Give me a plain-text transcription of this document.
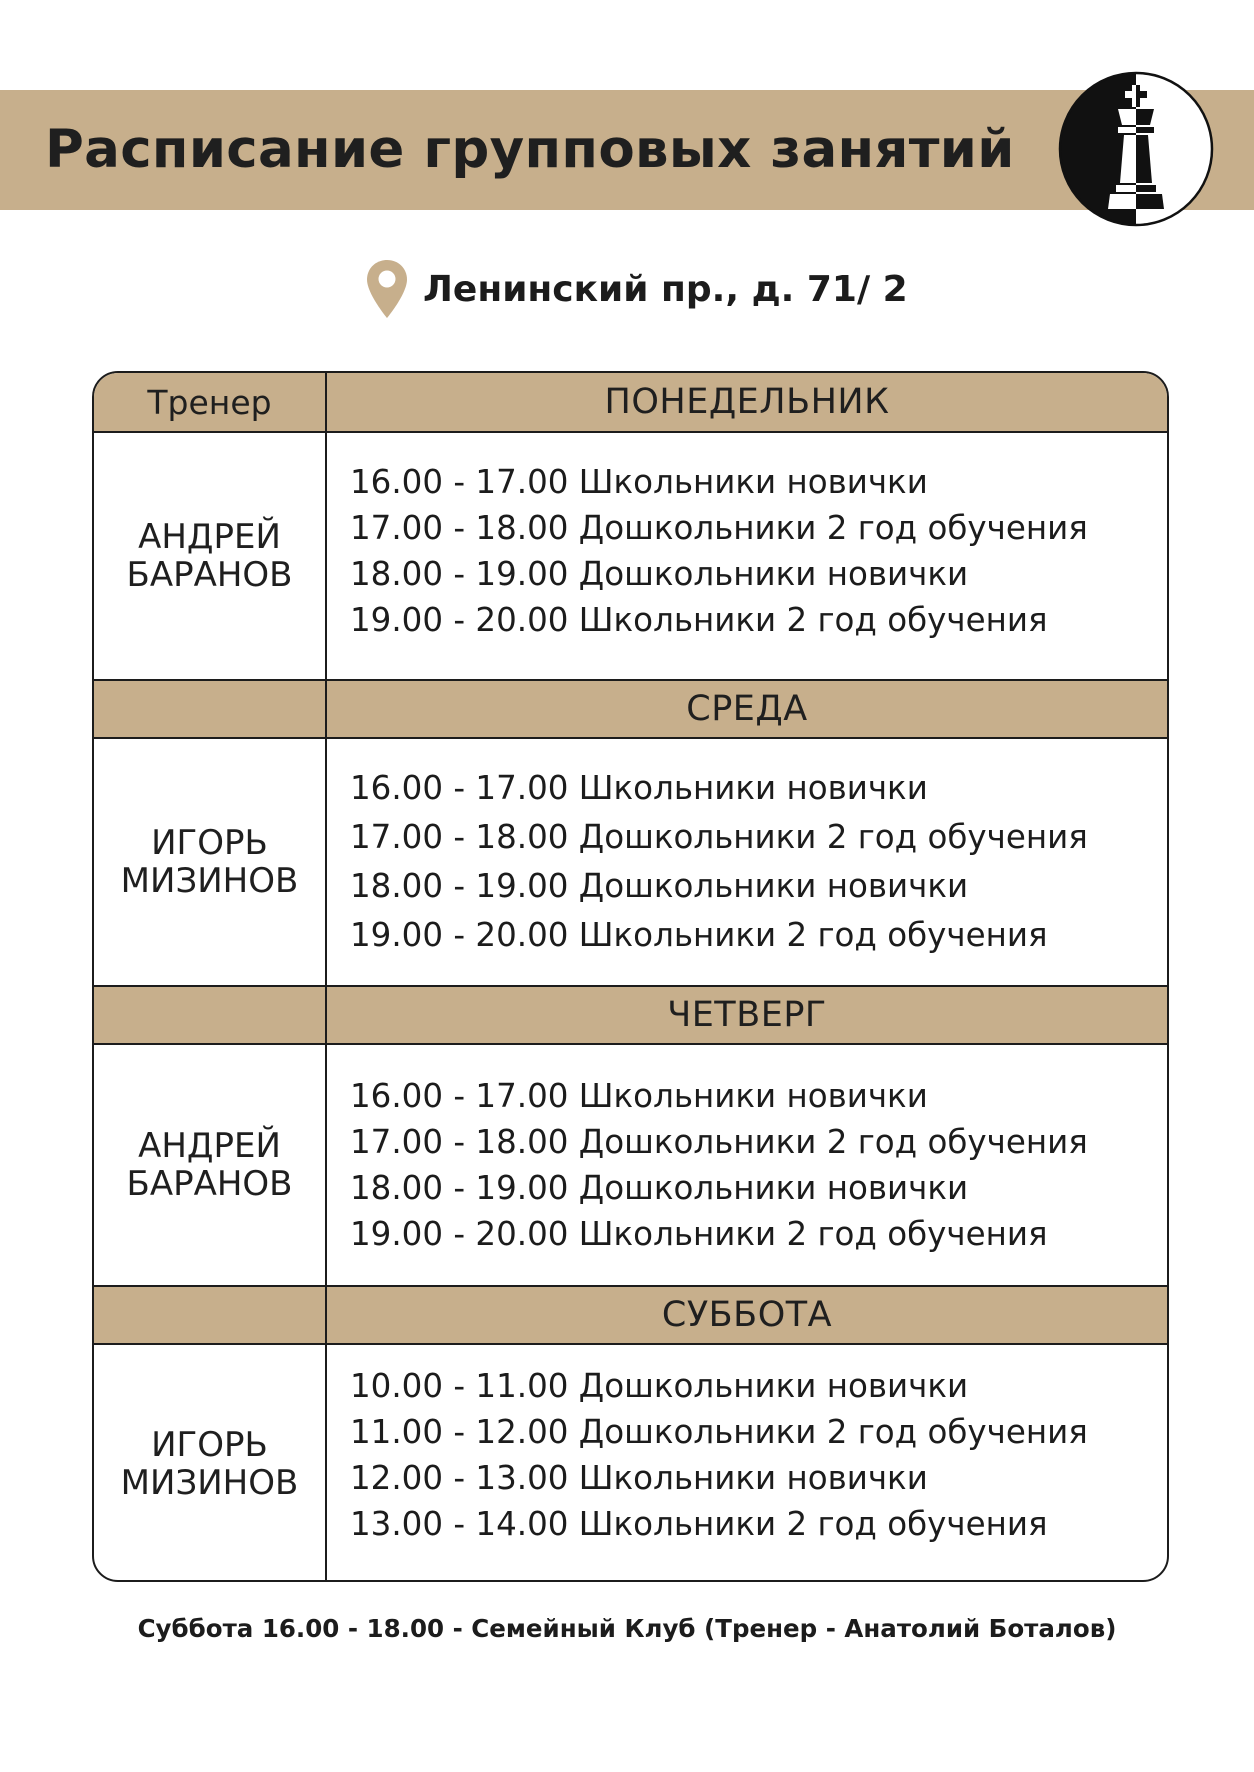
Расписание групповых занятий
Ленинский пр., д. 71/ 2
Тренер	ПОНЕДЕЛЬНИК
АНДРЕЙ БАРАНОВ
16.00 - 17.00 Школьники новички
17.00 - 18.00 Дошкольники 2 год обучения
18.00 - 19.00 Дошкольники новички
19.00 - 20.00 Школьники 2 год обучения
СРЕДА
ИГОРЬ МИЗИНОВ
16.00 - 17.00 Школьники новички
17.00 - 18.00 Дошкольники 2 год обучения
18.00 - 19.00 Дошкольники новички
19.00 - 20.00 Школьники 2 год обучения
ЧЕТВЕРГ
АНДРЕЙ БАРАНОВ
16.00 - 17.00 Школьники новички
17.00 - 18.00 Дошкольники 2 год обучения
18.00 - 19.00 Дошкольники новички
19.00 - 20.00 Школьники 2 год обучения
СУББОТА
ИГОРЬ МИЗИНОВ
10.00 - 11.00 Дошкольники новички
11.00 - 12.00 Дошкольники 2 год обучения
12.00 - 13.00 Школьники новички
13.00 - 14.00 Школьники 2 год обучения
Суббота 16.00 - 18.00 - Семейный Клуб (Тренер - Анатолий Боталов)
